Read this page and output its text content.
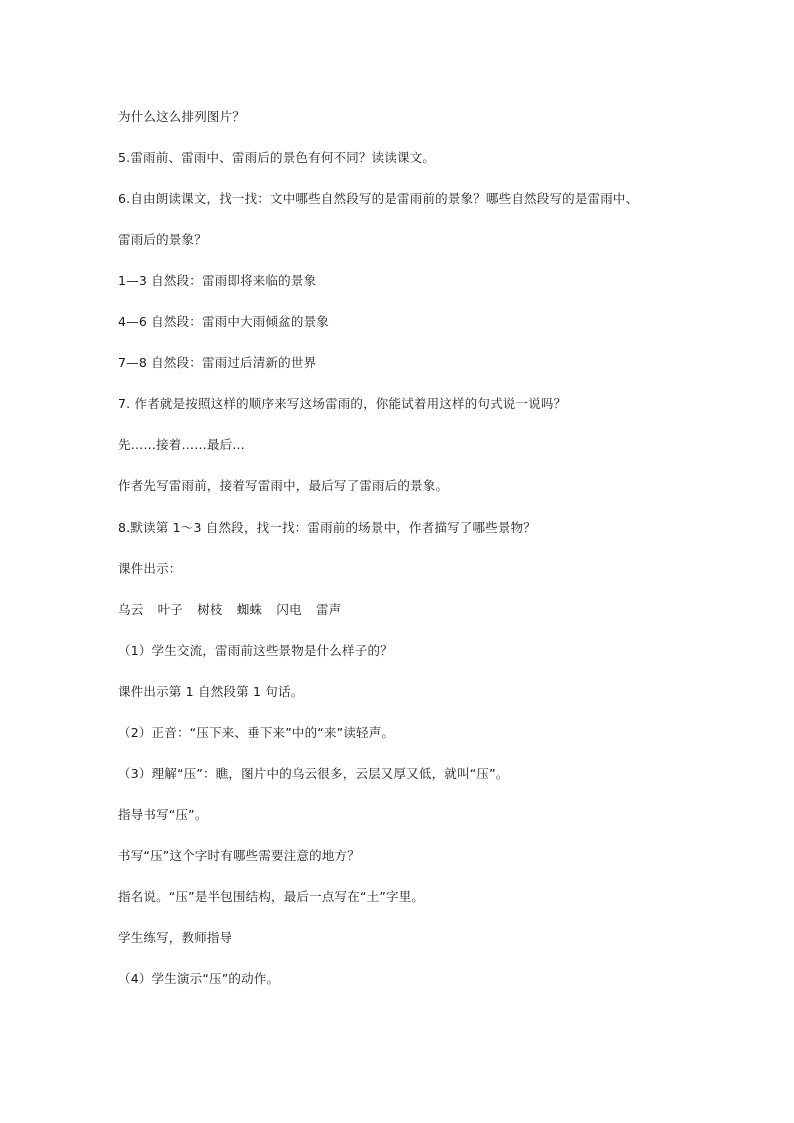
为什么这么排列图片？
5.雷雨前、雷雨中、雷雨后的景色有何不同？读读课文。
6.自由朗读课文，找一找：文中哪些自然段写的是雷雨前的景象？哪些自然段写的是雷雨中、
雷雨后的景象？
1—3 自然段：雷雨即将来临的景象
4—6 自然段：雷雨中大雨倾盆的景象
7—8 自然段：雷雨过后清新的世界
7. 作者就是按照这样的顺序来写这场雷雨的，你能试着用这样的句式说一说吗？
先……接着……最后…
作者先写雷雨前，接着写雷雨中，最后写了雷雨后的景象。
8.默读第 1～3 自然段，找一找：雷雨前的场景中，作者描写了哪些景物？
课件出示：
乌云 叶子 树枝 蜘蛛 闪电 雷声
（1）学生交流，雷雨前这些景物是什么样子的？
课件出示第 1 自然段第 1 句话。
（2）正音：“压下来、垂下来”中的“来”读轻声。
（3）理解“压”：瞧，图片中的乌云很多，云层又厚又低，就叫“压”。
指导书写“压”。
书写“压”这个字时有哪些需要注意的地方？
指名说。“压”是半包围结构，最后一点写在“土”字里。
学生练写，教师指导
（4）学生演示“压”的动作。
